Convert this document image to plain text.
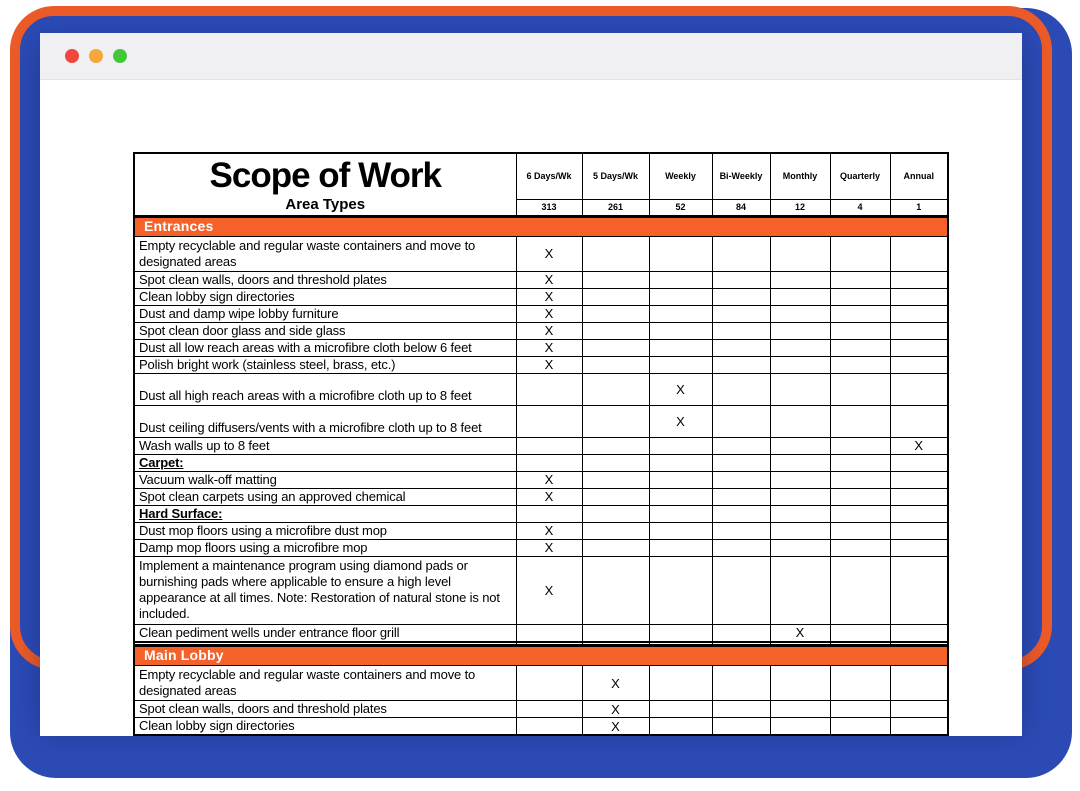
Scope of Work
Area Types	6 Days/Wk	5 Days/Wk	Weekly	Bi-Weekly	Monthly	Quarterly	Annual
	313	261	52	84	12	4	1
Entrances							
Empty recyclable and regular waste containers and move to designated areas	X						
Spot clean walls, doors and threshold plates	X						
Clean lobby sign directories	X						
Dust and damp wipe lobby furniture	X						
Spot clean door glass and side glass	X						
Dust all low reach areas with a microfibre cloth below 6 feet	X						
Polish bright work (stainless steel, brass, etc.)	X						
Dust all high reach areas with a microfibre cloth up to 8 feet			X				
Dust ceiling diffusers/vents with a microfibre cloth up to 8 feet			X				
Wash walls up to 8 feet							X
Carpet:							
Vacuum walk-off matting	X						
Spot clean carpets using an approved chemical	X						
Hard Surface:							
Dust mop floors using a microfibre dust mop	X						
Damp mop floors using a microfibre mop	X						
Implement a maintenance program using diamond pads or burnishing pads where applicable to ensure a high level appearance at all times. Note: Restoration of natural stone is not included.	X						
Clean pediment wells under entrance floor grill					X		

Main Lobby							
Empty recyclable and regular waste containers and move to designated areas		X					
Spot clean walls, doors and threshold plates		X					
Clean lobby sign directories		X					
